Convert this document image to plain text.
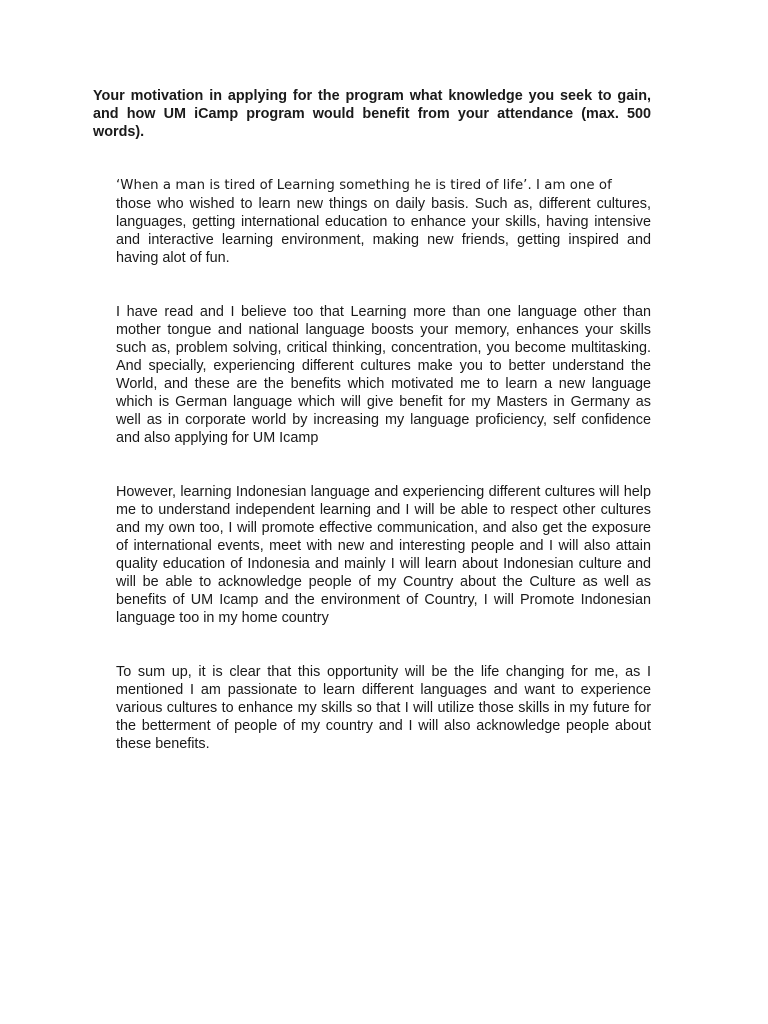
Your motivation in applying for the program what knowledge you seek to gain, and how UM iCamp program would benefit from your attendance (max. 500 words).

‘When a man is tired of Learning something he is tired of life’. I am one of
those who wished to learn new things on daily basis. Such as, different cultures, languages, getting international education to enhance your skills, having intensive and interactive learning environment, making new friends, getting inspired and having alot of fun.

I have read and I believe too that Learning more than one language other than mother tongue and national language boosts your memory, enhances your skills such as, problem solving, critical thinking, concentration, you become multitasking. And specially, experiencing different cultures make you to better understand the World, and these are the benefits which motivated me to learn a new language which is German language which will give benefit for my Masters in Germany as well as in corporate world by increasing my language proficiency, self confidence and also applying for UM Icamp

However, learning Indonesian language and experiencing different cultures will help me to understand independent learning and I will be able to respect other cultures and my own too, I will promote effective communication, and also get the exposure of international events, meet with new and interesting people and I will also attain quality education of Indonesia and mainly I will learn about Indonesian culture and will be able to acknowledge people of my Country about the Culture as well as benefits of UM Icamp and the environment of Country, I will Promote Indonesian language too in my home country

To sum up, it is clear that this opportunity will be the life changing for me, as I mentioned I am passionate to learn different languages and want to experience various cultures to enhance my skills so that I will utilize those skills in my future for the betterment of people of my country and I will also acknowledge people about these benefits.
